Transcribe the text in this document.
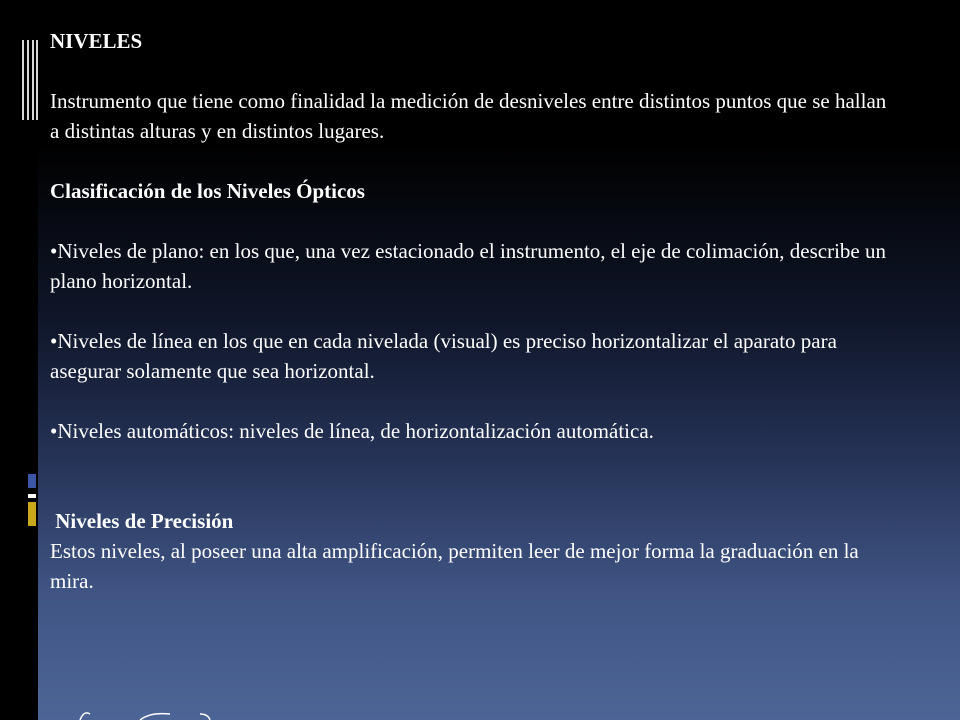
NIVELES

Instrumento que tiene como finalidad la medición de desniveles entre distintos puntos que se hallan a distintas alturas y en distintos lugares.

Clasificación de los Niveles Ópticos

•Niveles de plano: en los que, una vez estacionado el instrumento, el eje de colimación, describe un plano horizontal.

•Niveles de línea en los que en cada nivelada (visual) es preciso horizontalizar el aparato para asegurar solamente que sea horizontal.

•Niveles automáticos: niveles de línea, de horizontalización automática.

Niveles de Precisión

Estos niveles, al poseer una alta amplificación, permiten leer de mejor forma la graduación en la mira.
